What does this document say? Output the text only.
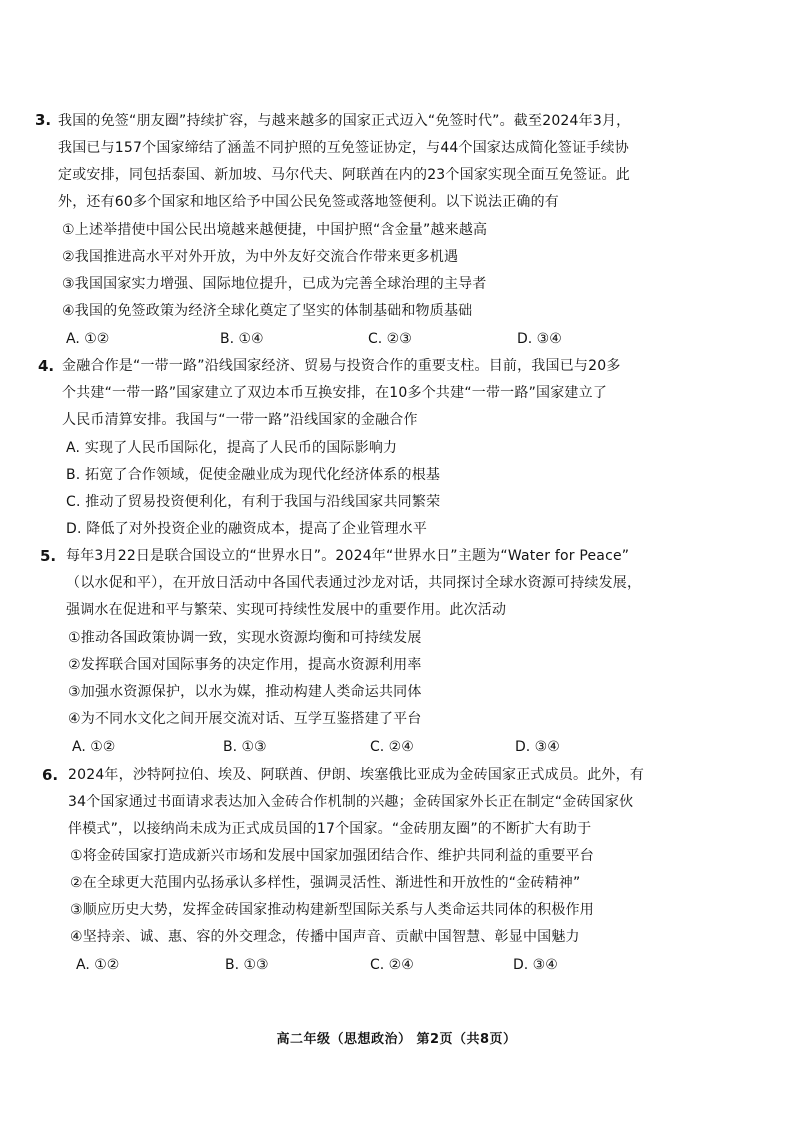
3. 我国的免签“朋友圈”持续扩容，与越来越多的国家正式迈入“免签时代”。截至2024年3月，
我国已与157个国家缔结了涵盖不同护照的互免签证协定，与44个国家达成简化签证手续协
定或安排，同包括泰国、新加坡、马尔代夫、阿联酋在内的23个国家实现全面互免签证。此
外，还有60多个国家和地区给予中国公民免签或落地签便利。以下说法正确的有
①上述举措使中国公民出境越来越便捷，中国护照“含金量”越来越高
②我国推进高水平对外开放，为中外友好交流合作带来更多机遇
③我国国家实力增强、国际地位提升，已成为完善全球治理的主导者
④我国的免签政策为经济全球化奠定了坚实的体制基础和物质基础
A. ①②	B. ①④	C. ②③	D. ③④
4. 金融合作是“一带一路”沿线国家经济、贸易与投资合作的重要支柱。目前，我国已与20多
个共建“一带一路”国家建立了双边本币互换安排，在10多个共建“一带一路”国家建立了
人民币清算安排。我国与“一带一路”沿线国家的金融合作
A. 实现了人民币国际化，提高了人民币的国际影响力
B. 拓宽了合作领域，促使金融业成为现代化经济体系的根基
C. 推动了贸易投资便利化，有利于我国与沿线国家共同繁荣
D. 降低了对外投资企业的融资成本，提高了企业管理水平
5. 每年3月22日是联合国设立的“世界水日”。2024年“世界水日”主题为“Water for Peace”
（以水促和平），在开放日活动中各国代表通过沙龙对话，共同探讨全球水资源可持续发展，
强调水在促进和平与繁荣、实现可持续性发展中的重要作用。此次活动
①推动各国政策协调一致，实现水资源均衡和可持续发展
②发挥联合国对国际事务的决定作用，提高水资源利用率
③加强水资源保护，以水为媒，推动构建人类命运共同体
④为不同水文化之间开展交流对话、互学互鉴搭建了平台
A. ①②	B. ①③	C. ②④	D. ③④
6. 2024年，沙特阿拉伯、埃及、阿联酋、伊朗、埃塞俄比亚成为金砖国家正式成员。此外，有
34个国家通过书面请求表达加入金砖合作机制的兴趣；金砖国家外长正在制定“金砖国家伙
伴模式”，以接纳尚未成为正式成员国的17个国家。“金砖朋友圈”的不断扩大有助于
①将金砖国家打造成新兴市场和发展中国家加强团结合作、维护共同利益的重要平台
②在全球更大范围内弘扬承认多样性，强调灵活性、渐进性和开放性的“金砖精神”
③顺应历史大势，发挥金砖国家推动构建新型国际关系与人类命运共同体的积极作用
④坚持亲、诚、惠、容的外交理念，传播中国声音、贡献中国智慧、彰显中国魅力
A. ①②	B. ①③	C. ②④	D. ③④
高二年级（思想政治） 第2页（共8页）
